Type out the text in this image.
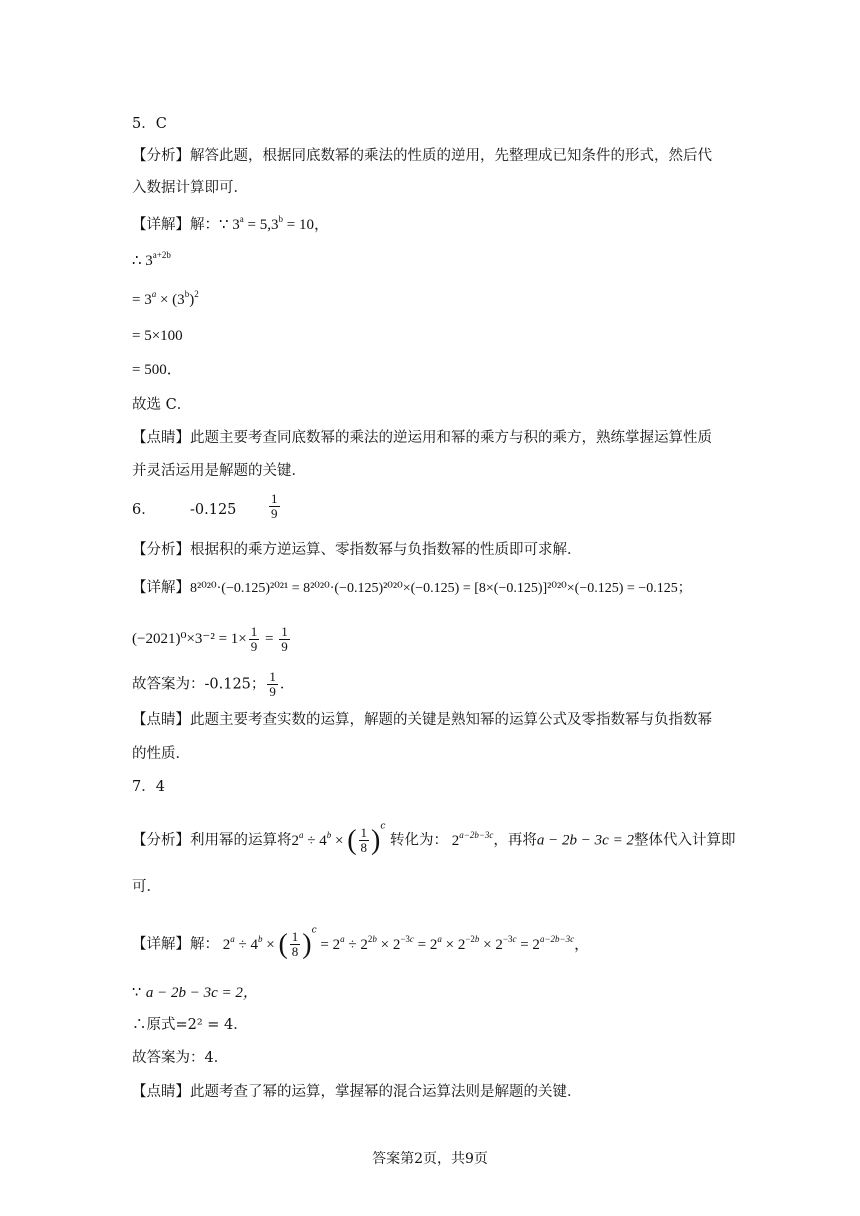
5．C
【分析】解答此题，根据同底数幂的乘法的性质的逆用，先整理成已知条件的形式，然后代
入数据计算即可．
【详解】解：∵ $3^a = 5,3^b = 10$，
∴ $3^{a+2b}$
= $3^a \times (3^b)^2$
= 5×100
= 500．
故选 C．
【点睛】此题主要考查同底数幂的乘法的逆运用和幂的乘方与积的乘方，熟练掌握运算性质
并灵活运用是解题的关键．
6． -0.125	$\frac{1}{9}$
【分析】根据积的乘方逆运算、零指数幂与负指数幂的性质即可求解．
【详解】8²⁰²⁰·(−0.125)²⁰²¹ = 8²⁰²⁰·(−0.125)²⁰²⁰×(−0.125) = [8×(−0.125)]²⁰²⁰×(−0.125) = −0.125；
$(-2021)^0\times 3^{-2} = 1\times \frac{1}{9} = \frac{1}{9}$
故答案为：-0.125； $\frac{1}{9}$ ．
【点睛】此题主要考查实数的运算，解题的关键是熟知幂的运算公式及零指数幂与负指数幂
的性质．
7．4
【分析】利用幂的运算将$2^a \div 4^b$ × ( $\frac{1}{8} )^c$ 转化为： $2^{a-2b-3c}$，再将a − 2b − 3c = 2整体代入计算即
可．
【详解】解： $2^a \div 4^b$ × ( $\frac{1}{8} )^c = 2^a \div 2^{2b} \times 2^{-3c} = 2^a \times 2^{-2b} \times 2^{-3c} = 2^{a-2b-3c}$，
∵ a − 2b − 3c = 2，
∴原式=2² = 4．
故答案为：4．
【点睛】此题考查了幂的运算，掌握幂的混合运算法则是解题的关键．
答案第2页，共9页
